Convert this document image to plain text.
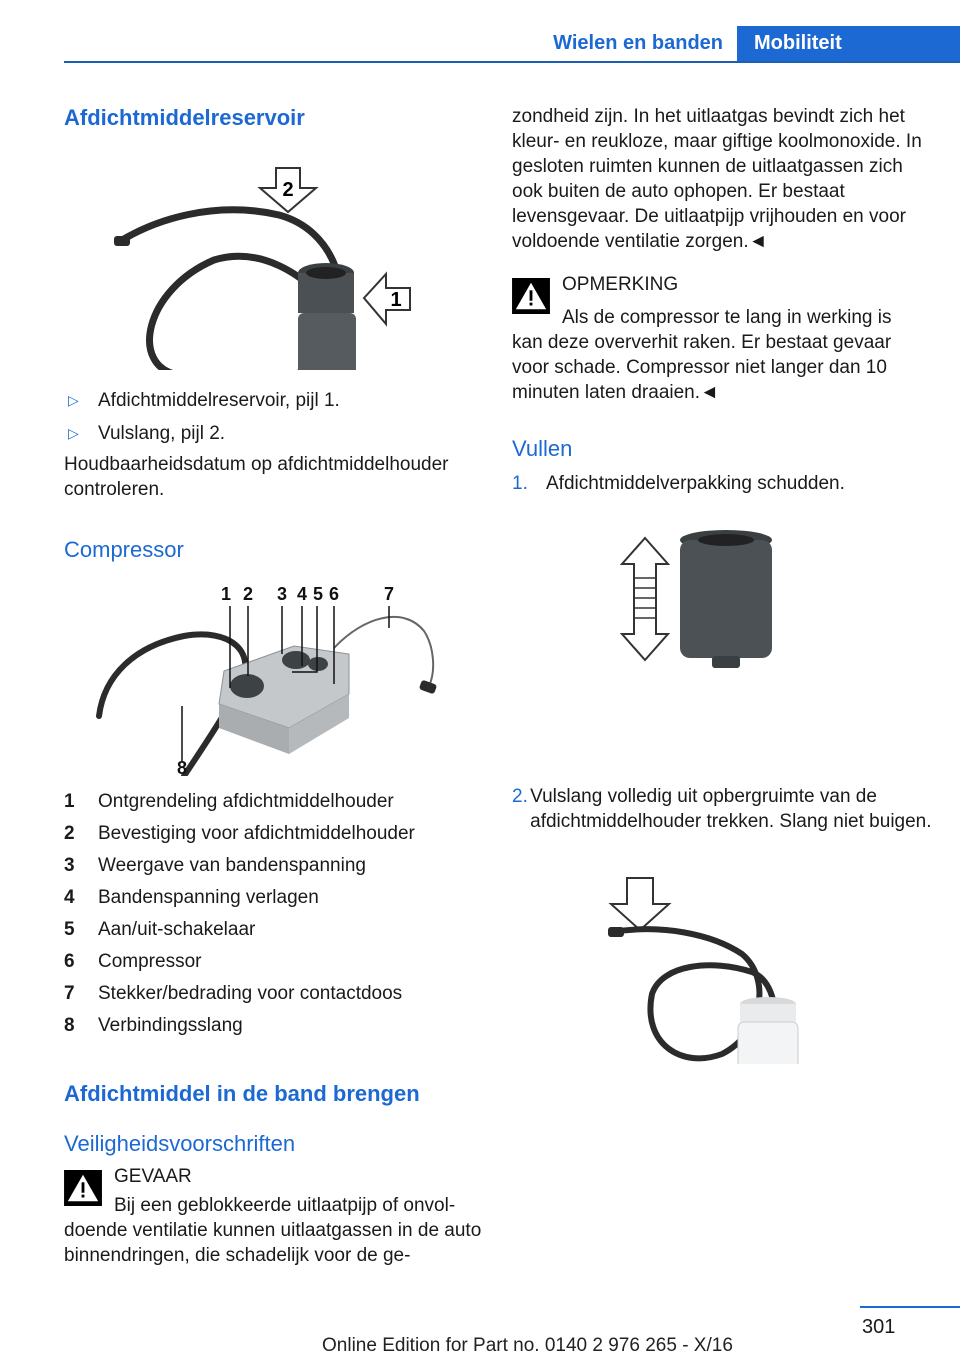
Wielen en banden	Mobiliteit
Afdichtmiddelreservoir
2
1
▷	Afdichtmiddelreservoir, pijl 1.
▷	Vulslang, pijl 2.

Houdbaarheidsdatum op afdichtmiddelhouder controleren.

Compressor
1 2 3 4 5 6 7
8
1	Ontgrendeling afdichtmiddelhouder
2	Bevestiging voor afdichtmiddelhouder
3	Weergave van bandenspanning
4	Bandenspanning verlagen
5	Aan/uit-schakelaar
6	Compressor
7	Stekker/bedrading voor contactdoos
8	Verbindingsslang
Afdichtmiddel in de band brengen
Veiligheidsvoorschriften

GEVAAR

Bij een geblokkeerde uitlaatpijp of onvol-

doende ventilatie kunnen uitlaatgassen in de auto binnendringen, die schadelijk voor de ge-

zondheid zijn. In het uitlaatgas bevindt zich het kleur- en reukloze, maar giftige koolmonoxide. In gesloten ruimten kunnen de uitlaatgassen zich ook buiten de auto ophopen. Er bestaat levensgevaar. De uitlaatpijp vrijhouden en voor voldoende ventilatie zorgen.◄

OPMERKING

Als de compressor te lang in werking is

kan deze oververhit raken. Er bestaat gevaar voor schade. Compressor niet langer dan 10 minuten laten draaien.◄

Vullen
1. Afdichtmiddelverpakking schudden.
2. Vulslang volledig uit opbergruimte van de afdichtmiddelhouder trekken. Slang niet buigen.
301
Online Edition for Part no. 0140 2 976 265 - X/16
